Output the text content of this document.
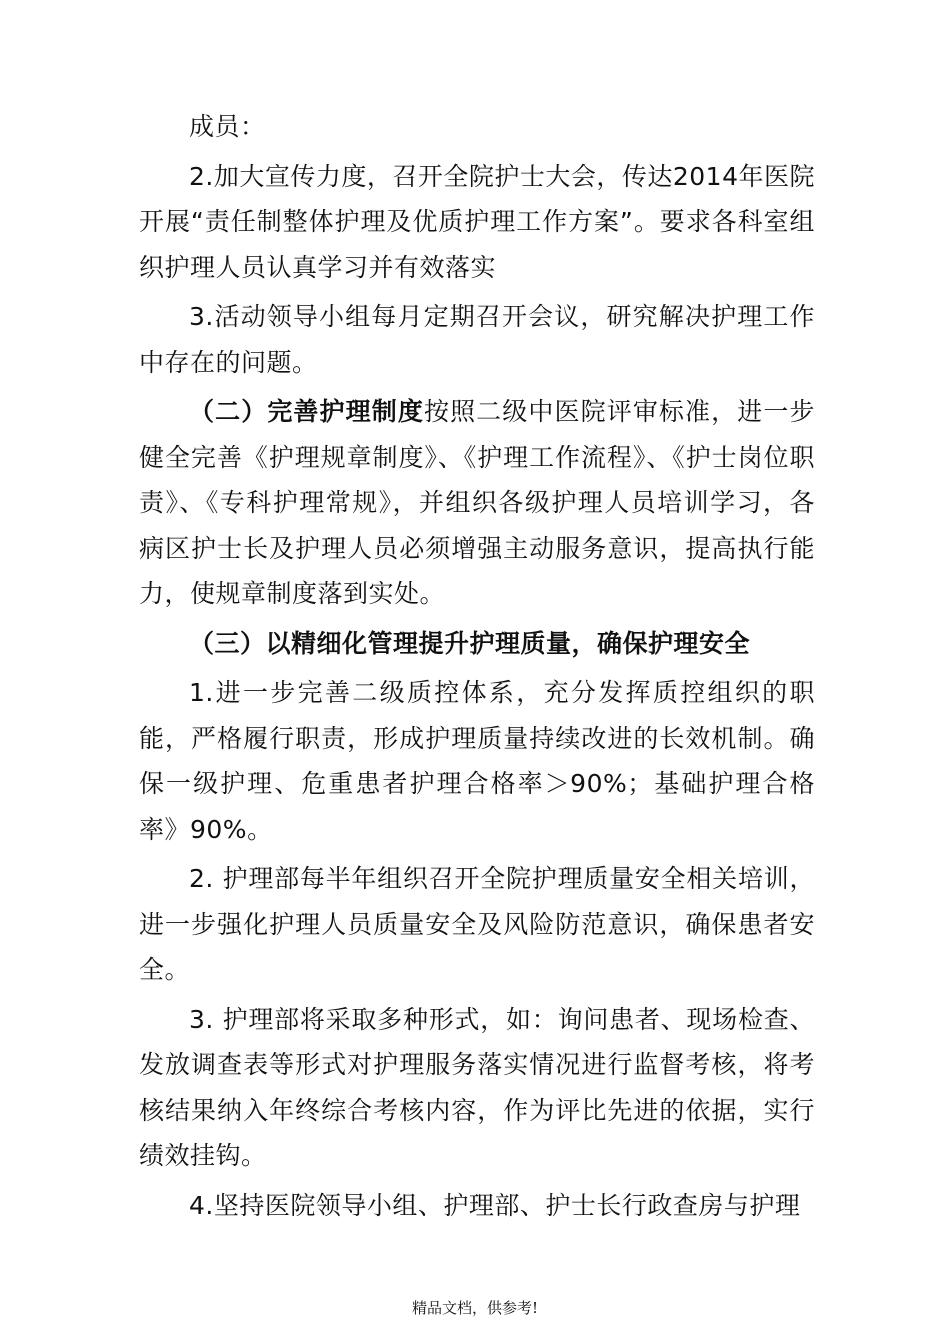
成员：

2.加大宣传力度，召开全院护士大会，传达2014年医院开展“责任制整体护理及优质护理工作方案”。要求各科室组织护理人员认真学习并有效落实

3.活动领导小组每月定期召开会议，研究解决护理工作中存在的问题。

（二）完善护理制度按照二级中医院评审标准，进一步健全完善《护理规章制度》、《护理工作流程》、《护士岗位职责》、《专科护理常规》，并组织各级护理人员培训学习，各病区护士长及护理人员必须增强主动服务意识，提高执行能力，使规章制度落到实处。

（三）以精细化管理提升护理质量，确保护理安全

1.进一步完善二级质控体系，充分发挥质控组织的职能，严格履行职责，形成护理质量持续改进的长效机制。确保一级护理、危重患者护理合格率＞90%；基础护理合格率》90%。

2. 护理部每半年组织召开全院护理质量安全相关培训，进一步强化护理人员质量安全及风险防范意识，确保患者安全。

3. 护理部将采取多种形式，如：询问患者、现场检查、发放调查表等形式对护理服务落实情况进行监督考核，将考核结果纳入年终综合考核内容，作为评比先进的依据，实行绩效挂钩。

4.坚持医院领导小组、护理部、护士长行政查房与护理

精品文档，供参考!
